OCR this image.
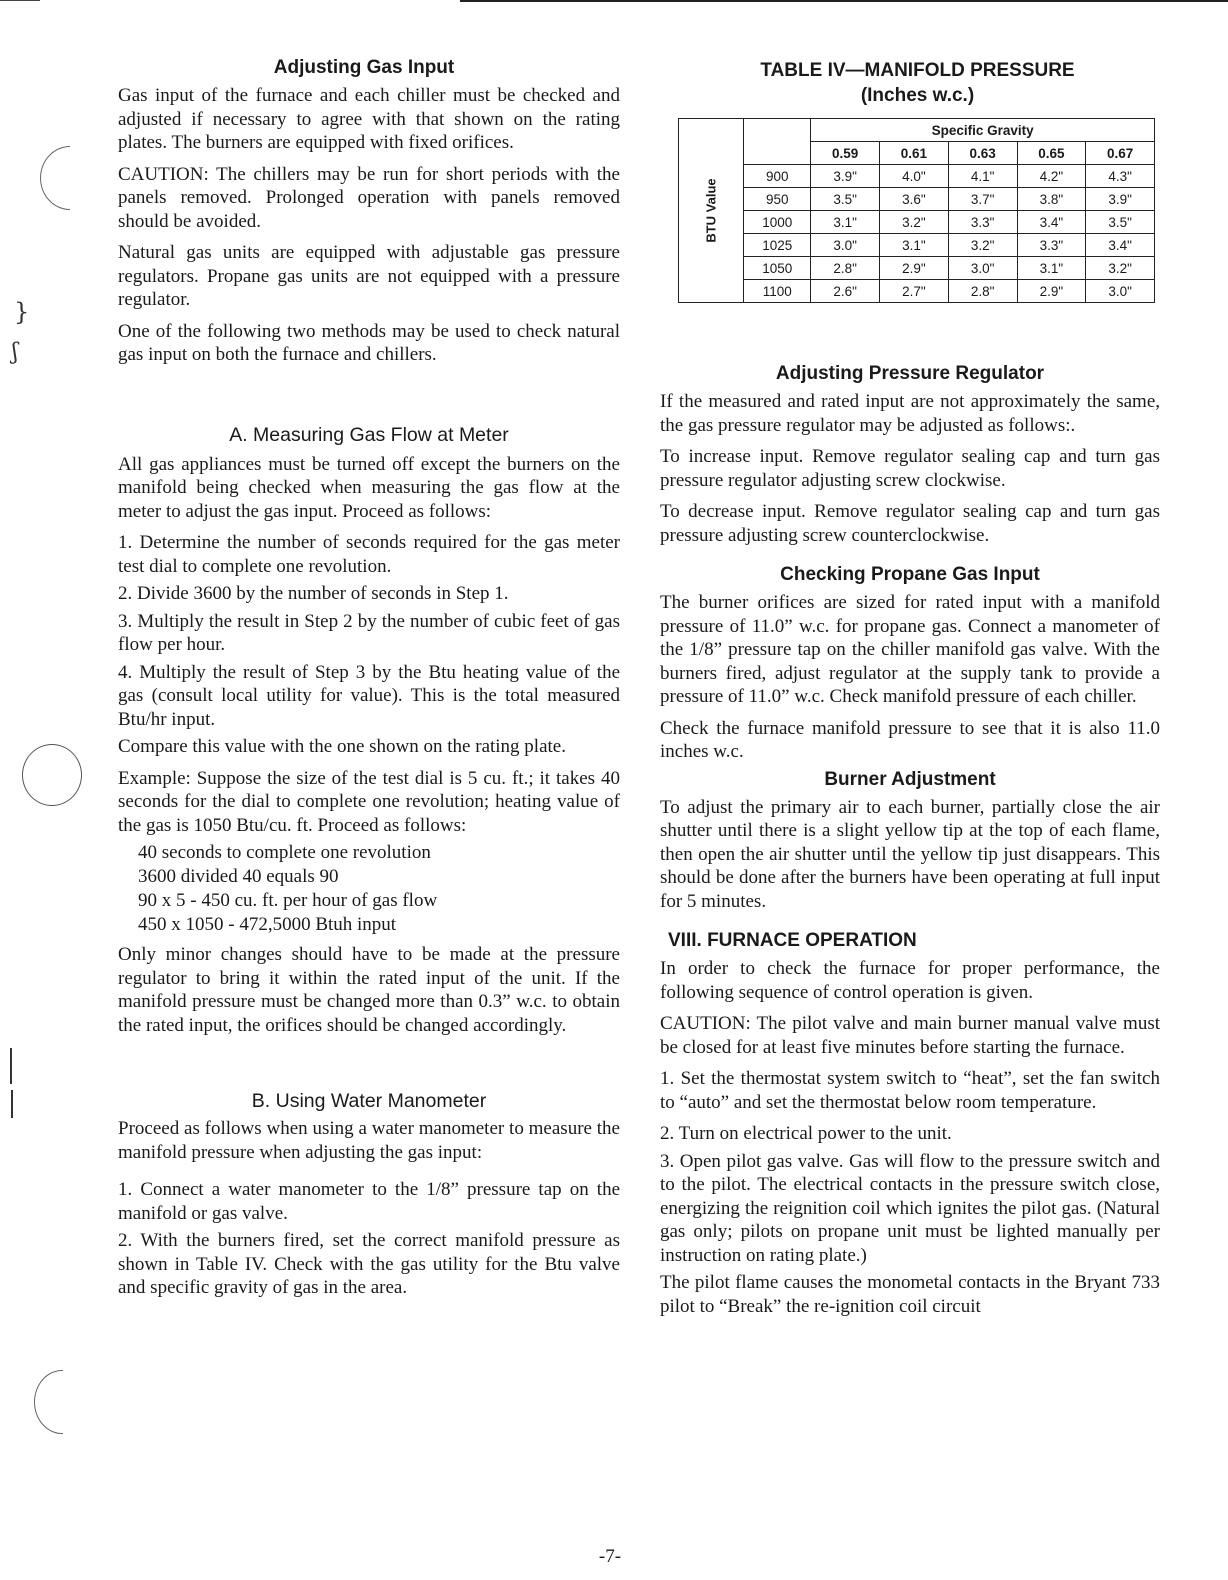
}
ʃ
Adjusting Gas Input

Gas input of the furnace and each chiller must be checked and adjusted if necessary to agree with that shown on the rating plates. The burners are equipped with fixed orifices.

CAUTION: The chillers may be run for short periods with the panels removed. Prolonged operation with panels removed should be avoided.

Natural gas units are equipped with adjustable gas pressure regulators. Propane gas units are not equipped with a pressure regulator.

One of the following two methods may be used to check natural gas input on both the furnace and chillers.

A. Measuring Gas Flow at Meter

All gas appliances must be turned off except the burners on the manifold being checked when measuring the gas flow at the meter to adjust the gas input. Proceed as follows:

1. Determine the number of seconds required for the gas meter test dial to complete one revolution.

2. Divide 3600 by the number of seconds in Step 1.

3. Multiply the result in Step 2 by the number of cubic feet of gas flow per hour.

4. Multiply the result of Step 3 by the Btu heating value of the gas (consult local utility for value). This is the total measured Btu/hr input.

Compare this value with the one shown on the rating plate.

Example: Suppose the size of the test dial is 5 cu. ft.; it takes 40 seconds for the dial to complete one revolution; heating value of the gas is 1050 Btu/cu. ft. Proceed as follows:

40 seconds to complete one revolution
3600 divided 40 equals 90
90 x 5 - 450 cu. ft. per hour of gas flow
450 x 1050 - 472,5000 Btuh input

Only minor changes should have to be made at the pressure regulator to bring it within the rated input of the unit. If the manifold pressure must be changed more than 0.3” w.c. to obtain the rated input, the orifices should be changed accordingly.

B. Using Water Manometer

Proceed as follows when using a water manometer to measure the manifold pressure when adjusting the gas input:

1. Connect a water manometer to the 1/8” pressure tap on the manifold or gas valve.

2. With the burners fired, set the correct manifold pressure as shown in Table IV. Check with the gas utility for the Btu valve and specific gravity of gas in the area.

TABLE IV—MANIFOLD PRESSURE
(Inches w.c.)
BTU Value		Specific Gravity				
		0.59	0.61	0.63	0.65	0.67
	900	3.9"	4.0"	4.1"	4.2"	4.3"
	950	3.5"	3.6"	3.7"	3.8"	3.9"
	1000	3.1"	3.2"	3.3"	3.4"	3.5"
	1025	3.0"	3.1"	3.2"	3.3"	3.4"
	1050	2.8"	2.9"	3.0"	3.1"	3.2"
	1100	2.6"	2.7"	2.8"	2.9"	3.0"
Adjusting Pressure Regulator

If the measured and rated input are not approximately the same, the gas pressure regulator may be adjusted as follows:.

To increase input. Remove regulator sealing cap and turn gas pressure regulator adjusting screw clockwise.

To decrease input. Remove regulator sealing cap and turn gas pressure adjusting screw counterclockwise.

Checking Propane Gas Input

The burner orifices are sized for rated input with a manifold pressure of 11.0” w.c. for propane gas. Connect a manometer of the 1/8” pressure tap on the chiller manifold gas valve. With the burners fired, adjust regulator at the supply tank to provide a pressure of 11.0” w.c. Check manifold pressure of each chiller.

Check the furnace manifold pressure to see that it is also 11.0 inches w.c.

Burner Adjustment

To adjust the primary air to each burner, partially close the air shutter until there is a slight yellow tip at the top of each flame, then open the air shutter until the yellow tip just disappears. This should be done after the burners have been operating at full input for 5 minutes.

VIII. FURNACE OPERATION

In order to check the furnace for proper performance, the following sequence of control operation is given.

CAUTION: The pilot valve and main burner manual valve must be closed for at least five minutes before starting the furnace.

1. Set the thermostat system switch to “heat”, set the fan switch to “auto” and set the thermostat below room temperature.

2. Turn on electrical power to the unit.

3. Open pilot gas valve. Gas will flow to the pressure switch and to the pilot. The electrical contacts in the pressure switch close, energizing the reignition coil which ignites the pilot gas. (Natural gas only; pilots on propane unit must be lighted manually per instruction on rating plate.)

The pilot flame causes the monometal contacts in the Bryant 733 pilot to “Break” the re-ignition coil circuit

-7-
